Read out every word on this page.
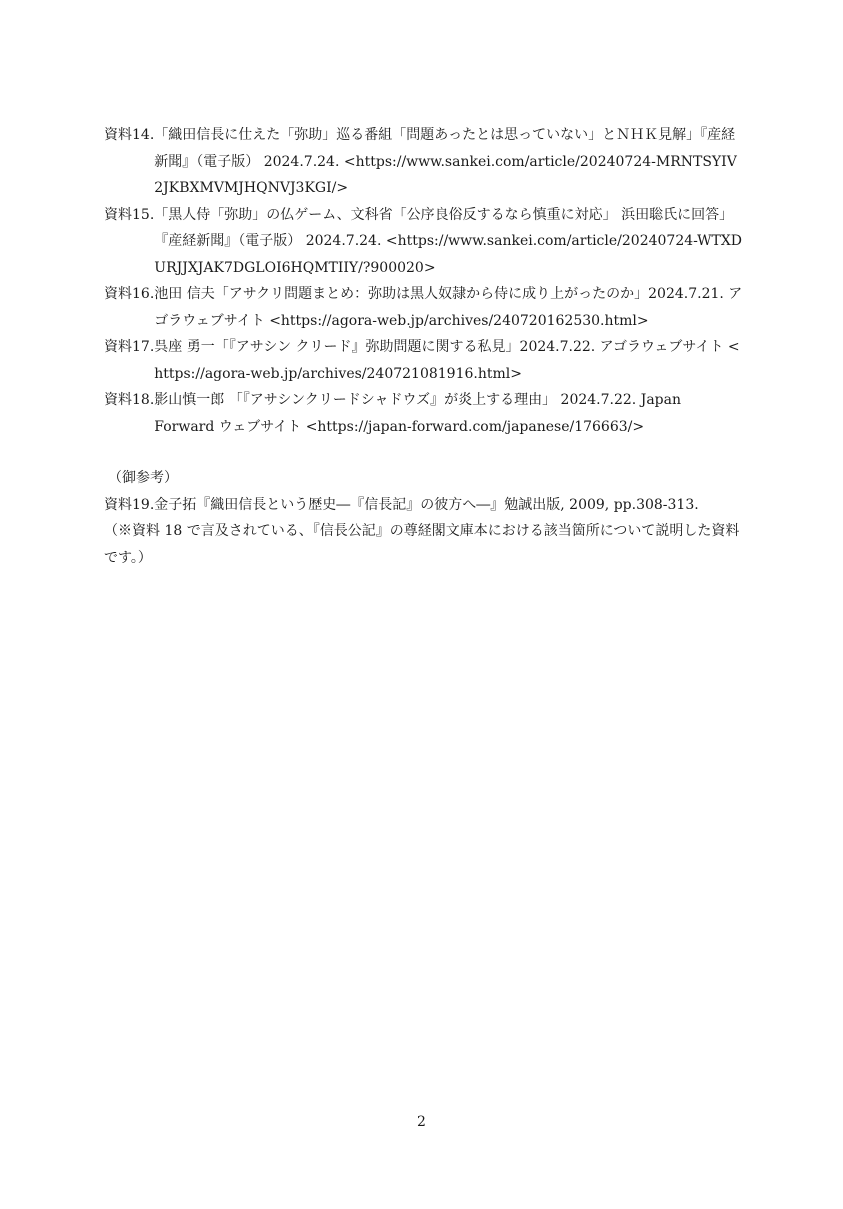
資料14. 「織田信長に仕えた「弥助」巡る番組「問題あったとは思っていない」とＮＨＫ見解」『産経新聞』（電子版） 2024.7.24. <https://www.sankei.com/article/20240724-MRNTSYIV2JKBXMVMJHQNVJ3KGI/>
資料15. 「黒人侍「弥助」の仏ゲーム、文科省「公序良俗反するなら慎重に対応」 浜田聡氏に回答」『産経新聞』（電子版） 2024.7.24. <https://www.sankei.com/article/20240724-WTXDURJJXJAK7DGLOI6HQMTIIY/?900020>
資料16. 池田 信夫「アサクリ問題まとめ：弥助は黒人奴隷から侍に成り上がったのか」2024.7.21. アゴラウェブサイト <https://agora-web.jp/archives/240720162530.html>
資料17. 呉座 勇一「『アサシン クリード』弥助問題に関する私見」2024.7.22. アゴラウェブサイト <https://agora-web.jp/archives/240721081916.html>
資料18. 影山慎一郎 「『アサシンクリードシャドウズ』が炎上する理由」 2024.7.22. Japan Forward ウェブサイト <https://japan-forward.com/japanese/176663/>
（御参考）
資料19. 金子拓『織田信長という歴史―『信長記』の彼方へ―』勉誠出版, 2009, pp.308-313.

（※資料 18 で言及されている、『信長公記』の尊経閣文庫本における該当箇所について説明した資料です。）

2
